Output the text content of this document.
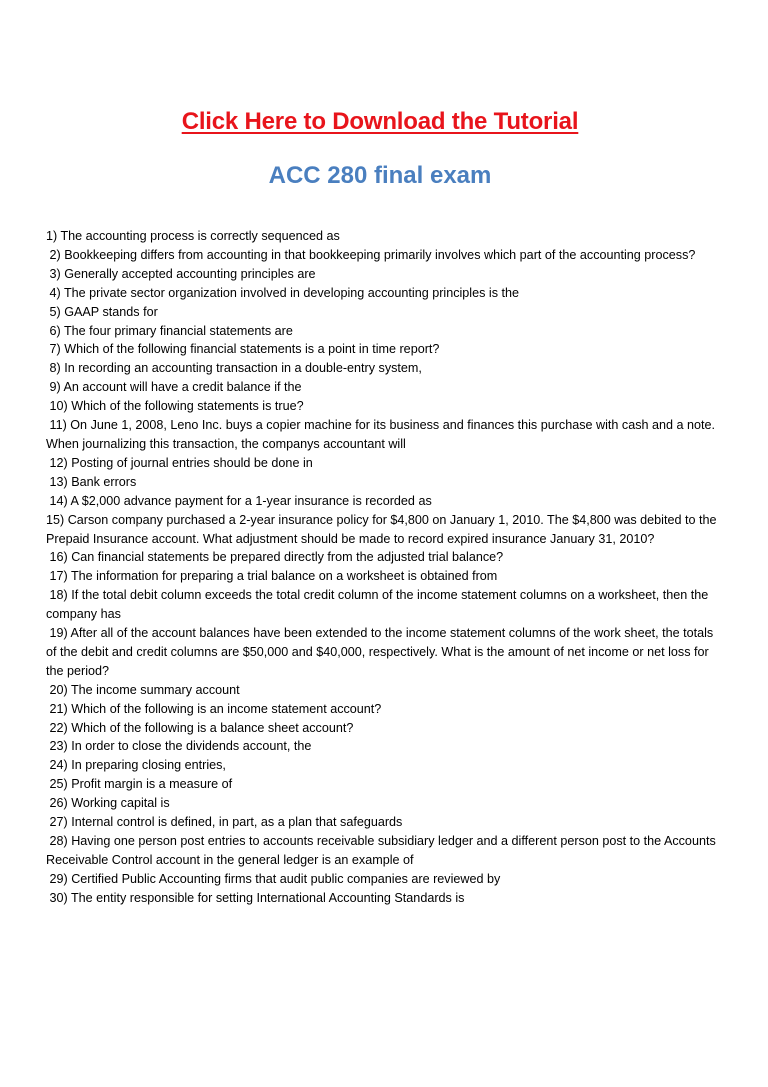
Click Here to Download the Tutorial
ACC 280 final exam
1) The accounting process is correctly sequenced as
2) Bookkeeping differs from accounting in that bookkeeping primarily involves which part of the accounting process?
3) Generally accepted accounting principles are
4) The private sector organization involved in developing accounting principles is the
5) GAAP stands for
6) The four primary financial statements are
7) Which of the following financial statements is a point in time report?
8) In recording an accounting transaction in a double-entry system,
9) An account will have a credit balance if the
10) Which of the following statements is true?
11) On June 1, 2008, Leno Inc. buys a copier machine for its business and finances this purchase with cash and a note. When journalizing this transaction, the companys accountant will
12) Posting of journal entries should be done in
13) Bank errors
14) A $2,000 advance payment for a 1-year insurance is recorded as
15) Carson company purchased a 2-year insurance policy for $4,800 on January 1, 2010. The $4,800 was debited to the Prepaid Insurance account. What adjustment should be made to record expired insurance January 31, 2010?
16) Can financial statements be prepared directly from the adjusted trial balance?
17) The information for preparing a trial balance on a worksheet is obtained from
18) If the total debit column exceeds the total credit column of the income statement columns on a worksheet, then the company has
19) After all of the account balances have been extended to the income statement columns of the work sheet, the totals of the debit and credit columns are $50,000 and $40,000, respectively. What is the amount of net income or net loss for the period?
20) The income summary account
21) Which of the following is an income statement account?
22) Which of the following is a balance sheet account?
23) In order to close the dividends account, the
24) In preparing closing entries,
25) Profit margin is a measure of
26) Working capital is
27) Internal control is defined, in part, as a plan that safeguards
28) Having one person post entries to accounts receivable subsidiary ledger and a different person post to the Accounts Receivable Control account in the general ledger is an example of
29) Certified Public Accounting firms that audit public companies are reviewed by
30) The entity responsible for setting International Accounting Standards is
